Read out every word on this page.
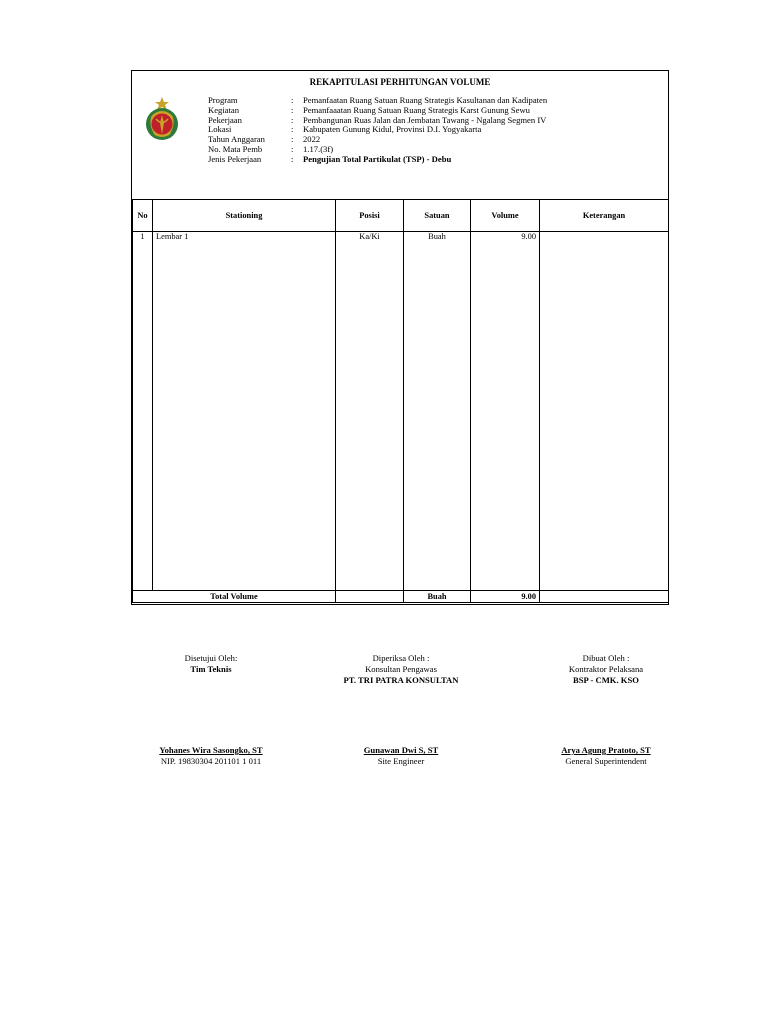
REKAPITULASI PERHITUNGAN VOLUME
Program	:	Pemanfaatan Ruang Satuan Ruang Strategis Kasultanan dan Kadipaten
Kegiatan	:	Pemanfaaatan Ruang Satuan Ruang Strategis Karst Gunung Sewu
Pekerjaan	:	Pembangunan Ruas Jalan dan Jembatan Tawang - Ngalang Segmen IV
Lokasi	:	Kabupaten Gunung Kidul, Provinsi D.I. Yogyakarta
Tahun Anggaran	:	2022
No. Mata Pemb	:	1.17.(3f)
Jenis Pekerjaan	:	Pengujian Total Partikulat (TSP) - Debu
No	Stationing	Posisi	Satuan	Volume	Keterangan
1	Lembar 1	Ka/Ki	Buah	9.00	
Total Volume			Buah	9.00	
Disetujui Oleh:
Tim Teknis
Diperiksa Oleh :
Konsultan Pengawas
PT. TRI PATRA KONSULTAN
Dibuat Oleh :
Kontraktor Pelaksana
BSP - CMK. KSO
Yohanes Wira Sasongko, ST
NIP. 19830304 201101 1 011
Gunawan Dwi S, ST
Site Engineer
Arya Agung Pratoto, ST
General Superintendent
